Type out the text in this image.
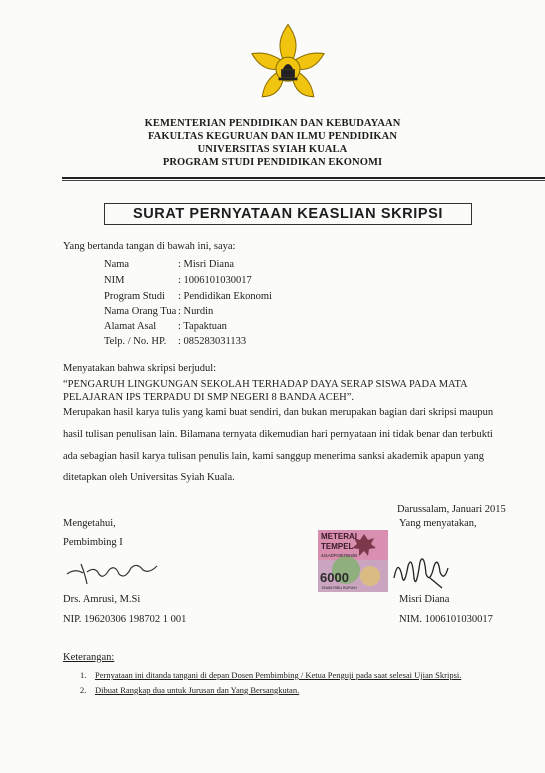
KEMENTERIAN PENDIDIKAN DAN KEBUDAYAAN
FAKULTAS KEGURUAN DAN ILMU PENDIDIKAN
UNIVERSITAS SYIAH KUALA
PROGRAM STUDI PENDIDIKAN EKONOMI
SURAT PERNYATAAN KEASLIAN SKRIPSI
Yang bertanda tangan di bawah ini, saya:
Nama	: Misri Diana
NIM	: 1006101030017
Program Studi : Pendidikan Ekonomi
Nama Orang Tua : Nurdin
Alamat Asal : Tapaktuan
Telp. / No. HP. : 085283031133
Menyatakan bahwa skripsi berjudul:
“PENGARUH LINGKUNGAN SEKOLAH TERHADAP DAYA SERAP SISWA PADA MATA
PELAJARAN IPS TERPADU DI SMP NEGERI 8 BANDA ACEH”.
Merupakan hasil karya tulis yang kami buat sendiri, dan bukan merupakan bagian dari skripsi maupun
hasil tulisan penulisan lain. Bilamana ternyata dikemudian hari pernyataan ini tidak benar dan terbukti
ada sebagian hasil karya tulisan penulis lain, kami sanggup menerima sanksi akademik apapun yang
ditetapkan oleh Universitas Syiah Kuala.
Darussalam, Januari 2015
Yang menyatakan,
Mengetahui,
Pembimbing I
METERAI
TEMPEL
441ADF035760492
6000
ENAM RIBU RUPIAH
Drs. Amrusi, M.Si
NIP. 19620306 198702 1 001
Misri Diana
NIM. 1006101030017
Keterangan:
1. Pernyataan ini ditanda tangani di depan Dosen Pembimbing / Ketua Penguji pada saat selesai Ujian Skripsi.
2. Dibuat Rangkap dua untuk Jurusan dan Yang Bersangkutan.
